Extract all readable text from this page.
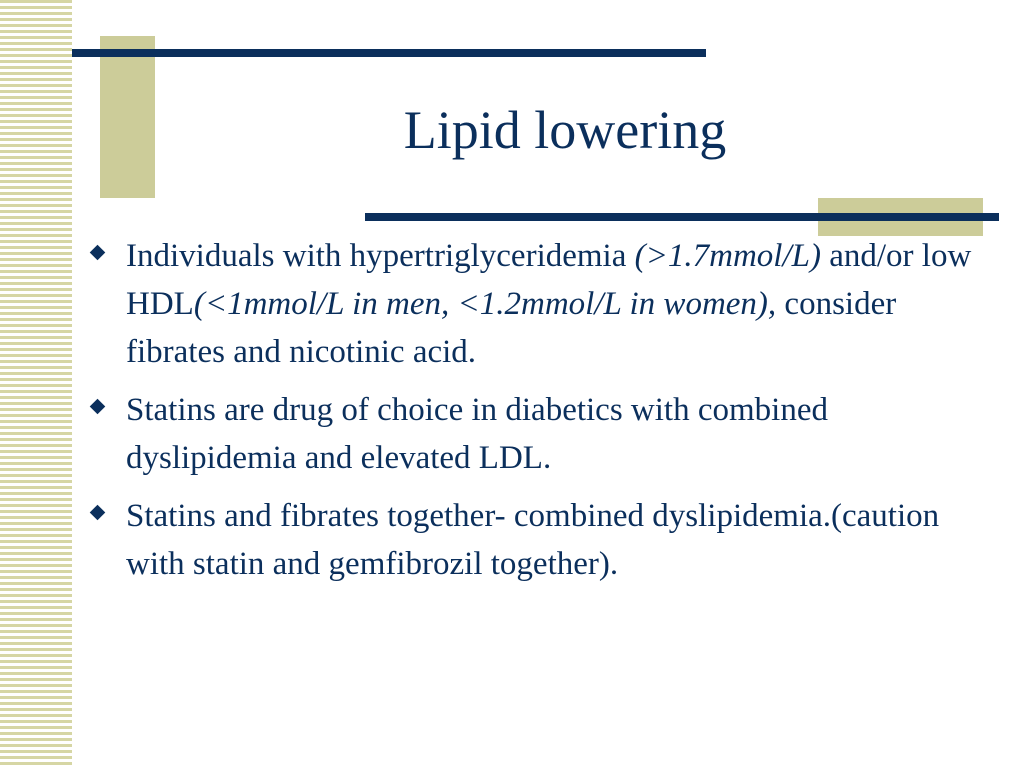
Lipid lowering
Individuals with hypertriglyceridemia (>1.7mmol/L) and/or low HDL(<1mmol/L in men, <1.2mmol/L in women), consider fibrates and nicotinic acid.
Statins are drug of choice in diabetics with combined dyslipidemia and elevated LDL.
Statins and fibrates together- combined dyslipidemia.(caution with statin and gemfibrozil together).
